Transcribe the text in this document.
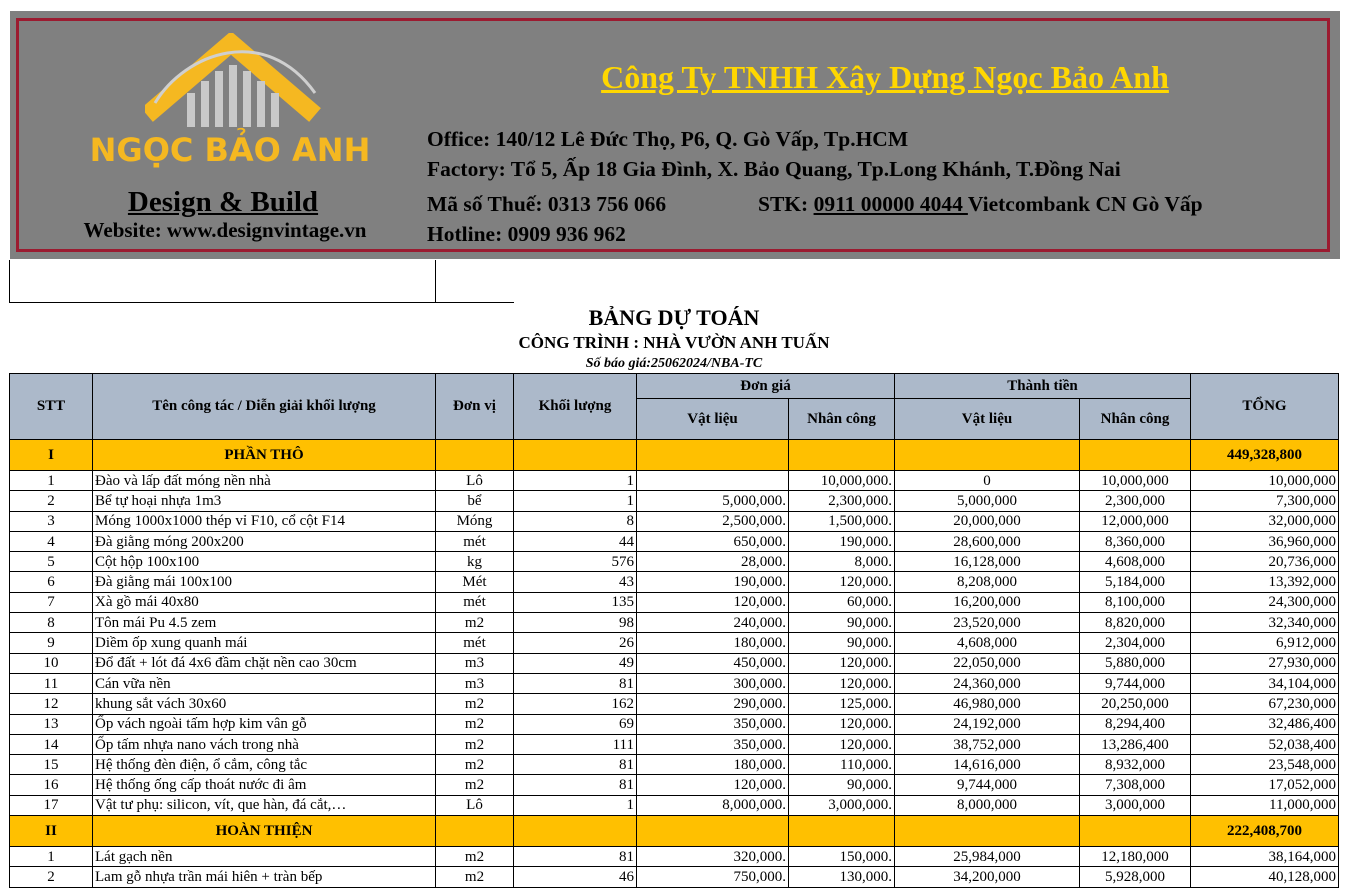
NGỌC BẢO ANH
Design & Build
Website: www.designvintage.vn
Công Ty TNHH Xây Dựng Ngọc Bảo Anh
Office: 140/12 Lê Đức Thọ, P6, Q. Gò Vấp, Tp.HCM
Factory: Tổ 5, Ấp 18 Gia Đình, X. Bảo Quang, Tp.Long Khánh, T.Đồng Nai
Mã số Thuế: 0313 756 066	STK: 0911 00000 4044 Vietcombank CN Gò Vấp
Hotline: 0909 936 962
BẢNG DỰ TOÁN
CÔNG TRÌNH : NHÀ VƯỜN ANH TUẤN
Số báo giá:25062024/NBA-TC
STT	Tên công tác / Diễn giải khối lượng	Đơn vị	Khối lượng	Đơn giá		Thành tiền		TỔNG
				Vật liệu	Nhân công	Vật liệu	Nhân công	
I	PHẦN THÔ							449,328,800
1	Đào và lấp đất móng nền nhà	Lô	1		10,000,000.	0	10,000,000	10,000,000
2	Bể tự hoại nhựa 1m3	bể	1	5,000,000.	2,300,000.	5,000,000	2,300,000	7,300,000
3	Móng 1000x1000 thép vỉ F10, cổ cột F14	Móng	8	2,500,000.	1,500,000.	20,000,000	12,000,000	32,000,000
4	Đà giằng móng 200x200	mét	44	650,000.	190,000.	28,600,000	8,360,000	36,960,000
5	Cột hộp 100x100	kg	576	28,000.	8,000.	16,128,000	4,608,000	20,736,000
6	Đà giằng mái 100x100	Mét	43	190,000.	120,000.	8,208,000	5,184,000	13,392,000
7	Xà gồ mái 40x80	mét	135	120,000.	60,000.	16,200,000	8,100,000	24,300,000
8	Tôn mái Pu 4.5 zem	m2	98	240,000.	90,000.	23,520,000	8,820,000	32,340,000
9	Diềm ốp xung quanh mái	mét	26	180,000.	90,000.	4,608,000	2,304,000	6,912,000
10	Đổ đất + lót đá 4x6 đầm chặt nền cao 30cm	m3	49	450,000.	120,000.	22,050,000	5,880,000	27,930,000
11	Cán vữa nền	m3	81	300,000.	120,000.	24,360,000	9,744,000	34,104,000
12	khung sắt vách 30x60	m2	162	290,000.	125,000.	46,980,000	20,250,000	67,230,000
13	Ốp vách ngoài tấm hợp kim vân gỗ	m2	69	350,000.	120,000.	24,192,000	8,294,400	32,486,400
14	Ốp tấm nhựa nano vách trong nhà	m2	111	350,000.	120,000.	38,752,000	13,286,400	52,038,400
15	Hệ thống đèn điện, ổ cắm, công tắc	m2	81	180,000.	110,000.	14,616,000	8,932,000	23,548,000
16	Hệ thống ống cấp thoát nước đi âm	m2	81	120,000.	90,000.	9,744,000	7,308,000	17,052,000
17	Vật tư phụ: silicon, vít, que hàn, đá cắt,…	Lô	1	8,000,000.	3,000,000.	8,000,000	3,000,000	11,000,000
II	HOÀN THIỆN							222,408,700
1	Lát gạch nền	m2	81	320,000.	150,000.	25,984,000	12,180,000	38,164,000
2	Lam gỗ nhựa trần mái hiên + tràn bếp	m2	46	750,000.	130,000.	34,200,000	5,928,000	40,128,000
